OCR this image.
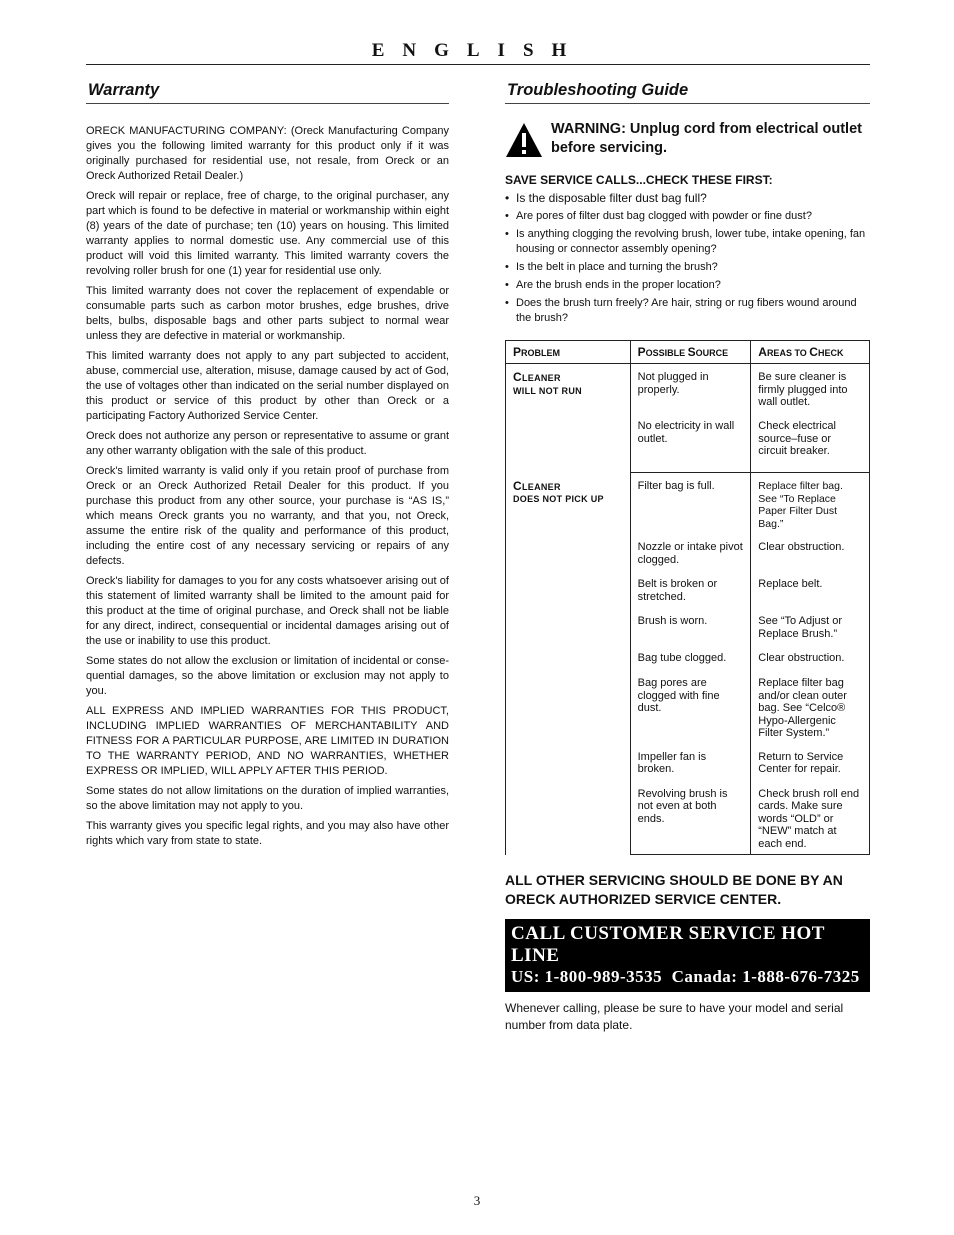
ENGLISH
Warranty

ORECK MANUFACTURING COMPANY: (Oreck Manufacturing Company gives you the following limited warranty for this product only if it was originally purchased for residential use, not resale, from Oreck or an Oreck Authorized Retail Dealer.)

Oreck will repair or replace, free of charge, to the original purchaser, any part which is found to be defective in material or workmanship within eight (8) years of the date of purchase; ten (10) years on housing. This limited warranty applies to normal domestic use. Any commercial use of this product will void this limited warranty. This limited warranty covers the revolving roller brush for one (1) year for residential use only.

This limited warranty does not cover the replacement of expendable or consumable parts such as carbon motor brushes, edge brushes, drive belts, bulbs, disposable bags and other parts subject to normal wear unless they are defective in material or workmanship.

This limited warranty does not apply to any part subjected to accident, abuse, commercial use, alteration, misuse, damage caused by act of God, the use of voltages other than indicated on the serial number displayed on this product or service of this product by other than Oreck or a participating Factory Authorized Service Center.

Oreck does not authorize any person or representative to assume or grant any other warranty obligation with the sale of this product.

Oreck's limited warranty is valid only if you retain proof of purchase from Oreck or an Oreck Authorized Retail Dealer for this product. If you purchase this product from any other source, your purchase is “AS IS,” which means Oreck grants you no warranty, and that you, not Oreck, assume the entire risk of the quality and performance of this product, including the entire cost of any necessary servicing or repairs of any defects.

Oreck's liability for damages to you for any costs whatsoever arising out of this statement of limited warranty shall be limited to the amount paid for this product at the time of original purchase, and Oreck shall not be liable for any direct, indirect, consequential or incidental damages arising out of the use or inability to use this product.

Some states do not allow the exclusion or limitation of incidental or conse-quential damages, so the above limitation or exclusion may not apply to you.

ALL EXPRESS AND IMPLIED WARRANTIES FOR THIS PRODUCT, INCLUDING IMPLIED WARRANTIES OF MERCHANTABILITY AND FITNESS FOR A PARTICULAR PURPOSE, ARE LIMITED IN DURATION TO THE WARRANTY PERIOD, AND NO WARRANTIES, WHETHER EXPRESS OR IMPLIED, WILL APPLY AFTER THIS PERIOD.

Some states do not allow limitations on the duration of implied warranties, so the above limitation may not apply to you.

This warranty gives you specific legal rights, and you may also have other rights which vary from state to state.

Troubleshooting Guide
WARNING: Unplug cord from electrical outlet before servicing.
SAVE SERVICE CALLS...CHECK THESE FIRST:
• Is the disposable filter dust bag full?
• Are pores of filter dust bag clogged with powder or fine dust?
• Is anything clogging the revolving brush, lower tube, intake opening, fan housing or connector assembly opening?
• Is the belt in place and turning the brush?
• Are the brush ends in the proper location?
• Does the brush turn freely? Are hair, string or rug fibers wound around the brush?
PROBLEM	POSSIBLE SOURCE	AREAS TO CHECK
CLEANER
WILL NOT RUN	Not plugged in properly.	Be sure cleaner is firmly plugged into wall outlet.
	No electricity in wall outlet.	Check electrical source–fuse or circuit breaker.
CLEANER
DOES NOT PICK UP	Filter bag is full.	Replace filter bag. See “To Replace Paper Filter Dust Bag.”
	Nozzle or intake pivot clogged.	Clear obstruction.
	Belt is broken or stretched.	Replace belt.
	Brush is worn.	See “To Adjust or Replace Brush.”
	Bag tube clogged.	Clear obstruction.
	Bag pores are clogged with fine dust.	Replace filter bag and/or clean outer bag. See “Celco® Hypo-Allergenic Filter System.”
	Impeller fan is broken.	Return to Service Center for repair.
	Revolving brush is not even at both ends.	Check brush roll end cards. Make sure words “OLD” or “NEW” match at each end.
ALL OTHER SERVICING SHOULD BE DONE BY AN ORECK AUTHORIZED SERVICE CENTER.
CALL CUSTOMER SERVICE HOT LINE
US: 1-800-989-3535  Canada: 1-888-676-7325
Whenever calling, please be sure to have your model and serial number from data plate.
3
